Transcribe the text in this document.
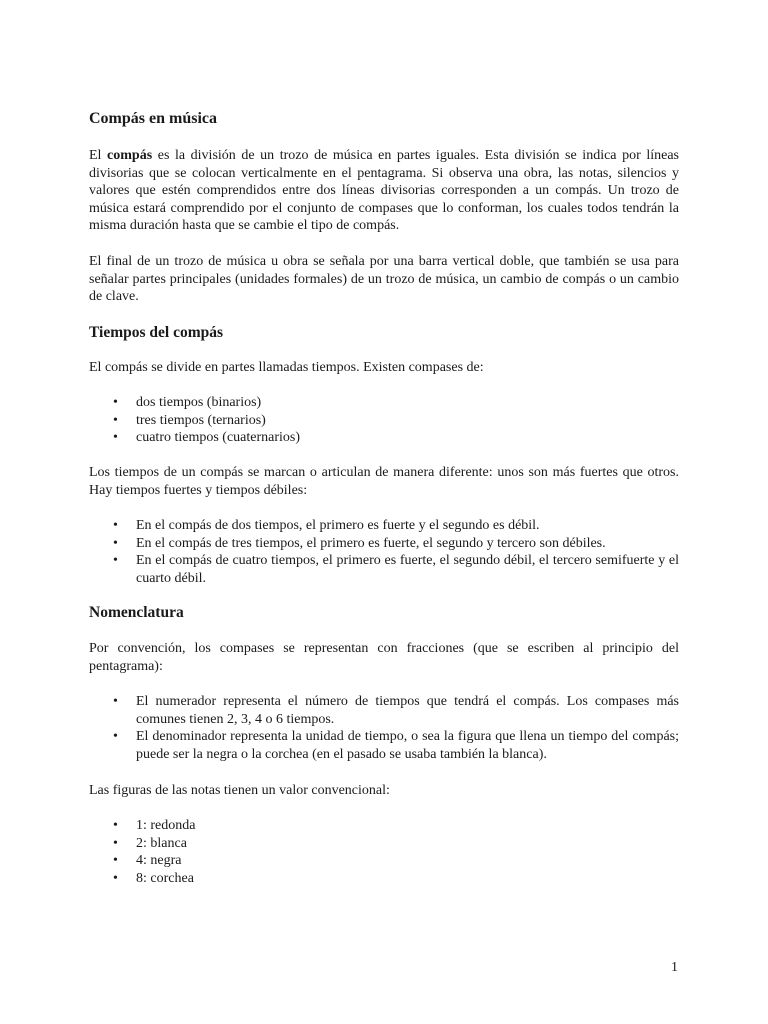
Compás en música

El compás es la división de un trozo de música en partes iguales. Esta división se indica por líneas divisorias que se colocan verticalmente en el pentagrama. Si observa una obra, las notas, silencios y valores que estén comprendidos entre dos líneas divisorias corresponden a un compás. Un trozo de música estará comprendido por el conjunto de compases que lo conforman, los cuales todos tendrán la misma duración hasta que se cambie el tipo de compás.

El final de un trozo de música u obra se señala por una barra vertical doble, que también se usa para señalar partes principales (unidades formales) de un trozo de música, un cambio de compás o un cambio de clave.

Tiempos del compás

El compás se divide en partes llamadas tiempos. Existen compases de:

• dos tiempos (binarios)
• tres tiempos (ternarios)
• cuatro tiempos (cuaternarios)

Los tiempos de un compás se marcan o articulan de manera diferente: unos son más fuertes que otros. Hay tiempos fuertes y tiempos débiles:

• En el compás de dos tiempos, el primero es fuerte y el segundo es débil.
• En el compás de tres tiempos, el primero es fuerte, el segundo y tercero son débiles.
• En el compás de cuatro tiempos, el primero es fuerte, el segundo débil, el tercero semifuerte y el cuarto débil.
Nomenclatura

Por convención, los compases se representan con fracciones (que se escriben al principio del pentagrama):

• El numerador representa el número de tiempos que tendrá el compás. Los compases más comunes tienen 2, 3, 4 o 6 tiempos.
• El denominador representa la unidad de tiempo, o sea la figura que llena un tiempo del compás; puede ser la negra o la corchea (en el pasado se usaba también la blanca).

Las figuras de las notas tienen un valor convencional:

• 1: redonda
• 2: blanca
• 4: negra
• 8: corchea
1
